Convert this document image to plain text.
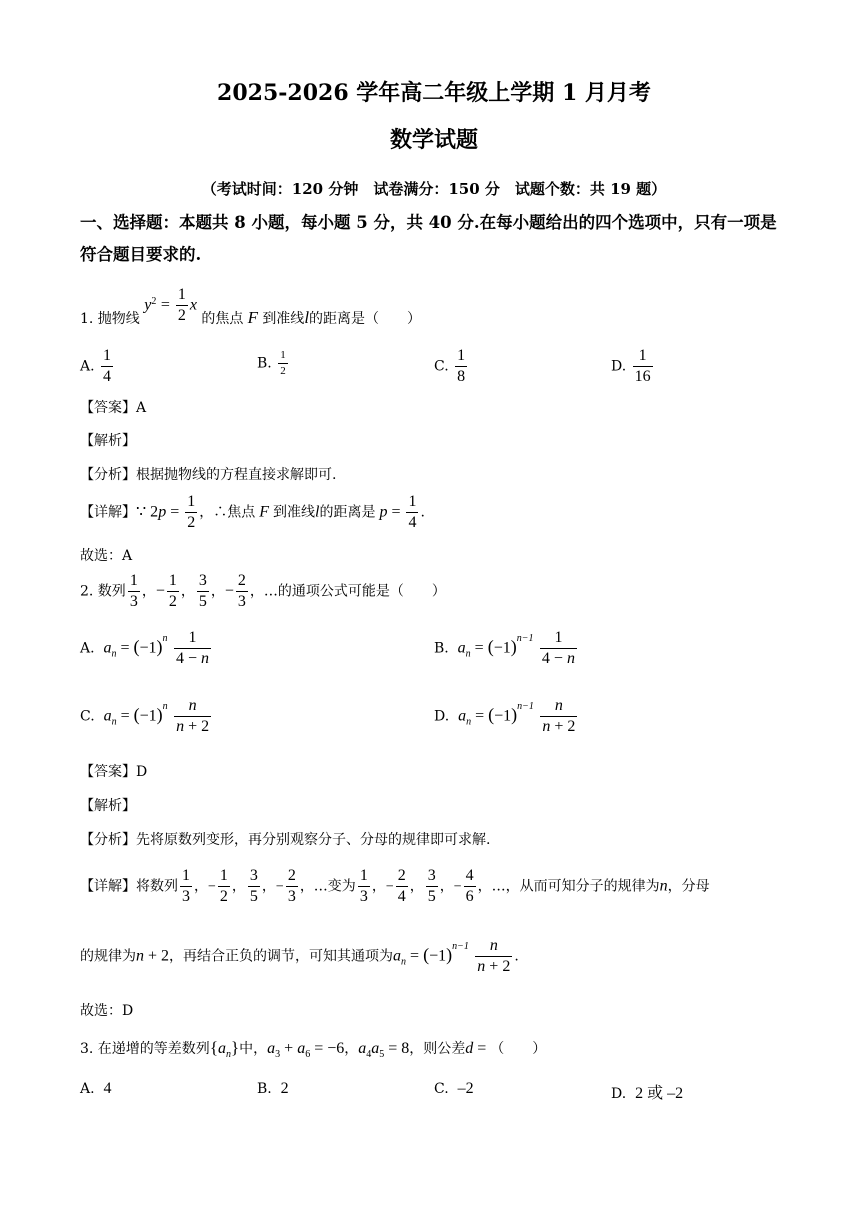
2025-2026 学年高二年级上学期 1 月月考
数学试题
（考试时间：120 分钟　试卷满分：150 分　试题个数：共 19 题）
一、选择题：本题共 8 小题，每小题 5 分，共 40 分.在每小题给出的四个选项中，只有一项是符合题目要求的.
1. 抛物线 $y^2 = \frac{1}{2}$ x 的焦点 F 到准线l的距离是（　　）
A. $\frac{1}{4}$	B. $\frac{1}{2}$	C. $\frac{1}{8}$	D. $\frac{1}{16}$
【答案】A
【解析】
【分析】根据抛物线的方程直接求解即可.
【详解】∵ $2p = \frac{1}{2}$ ，∴焦点 F 到准线l的距离是 $p = \frac{1}{4}$ .
故选：A
2. 数列 $\frac{1}{3}$ ，− $\frac{1}{2}$ ， $\frac{3}{5}$ ，− $\frac{2}{3}$ ，…的通项公式可能是（　　）
A. $a_n = (-1)^n \frac{1}{4 - n}$	B. $a_n = (-1)^{n-1} \frac{1}{4 - n}$
C. $a_n = (-1)^n \frac{n}{n + 2}$	D. $a_n = (-1)^{n-1} \frac{n}{n + 2}$
【答案】D
【解析】
【分析】先将原数列变形，再分别观察分子、分母的规律即可求解.
【详解】将数列 $\frac{1}{3}$ ，− $\frac{1}{2}$ ， $\frac{3}{5}$ ，− $\frac{2}{3}$ ，…变为 $\frac{1}{3}$ ，− $\frac{2}{4}$ ， $\frac{3}{5}$ ，− $\frac{4}{6}$ ，…，从而可知分子的规律为n，分母
的规律为n + 2，再结合正负的调节，可知其通项为$a_n = (-1)^{n-1} \frac{n}{n + 2}$ .
故选：D
3. 在递增的等差数列$\{a_n\}$中，$a_3 + a_6 = -6$，$a_4a_5 = 8$，则公差d = （　　）
A. 4	B. 2	C. –2	D. 2 或 –2
